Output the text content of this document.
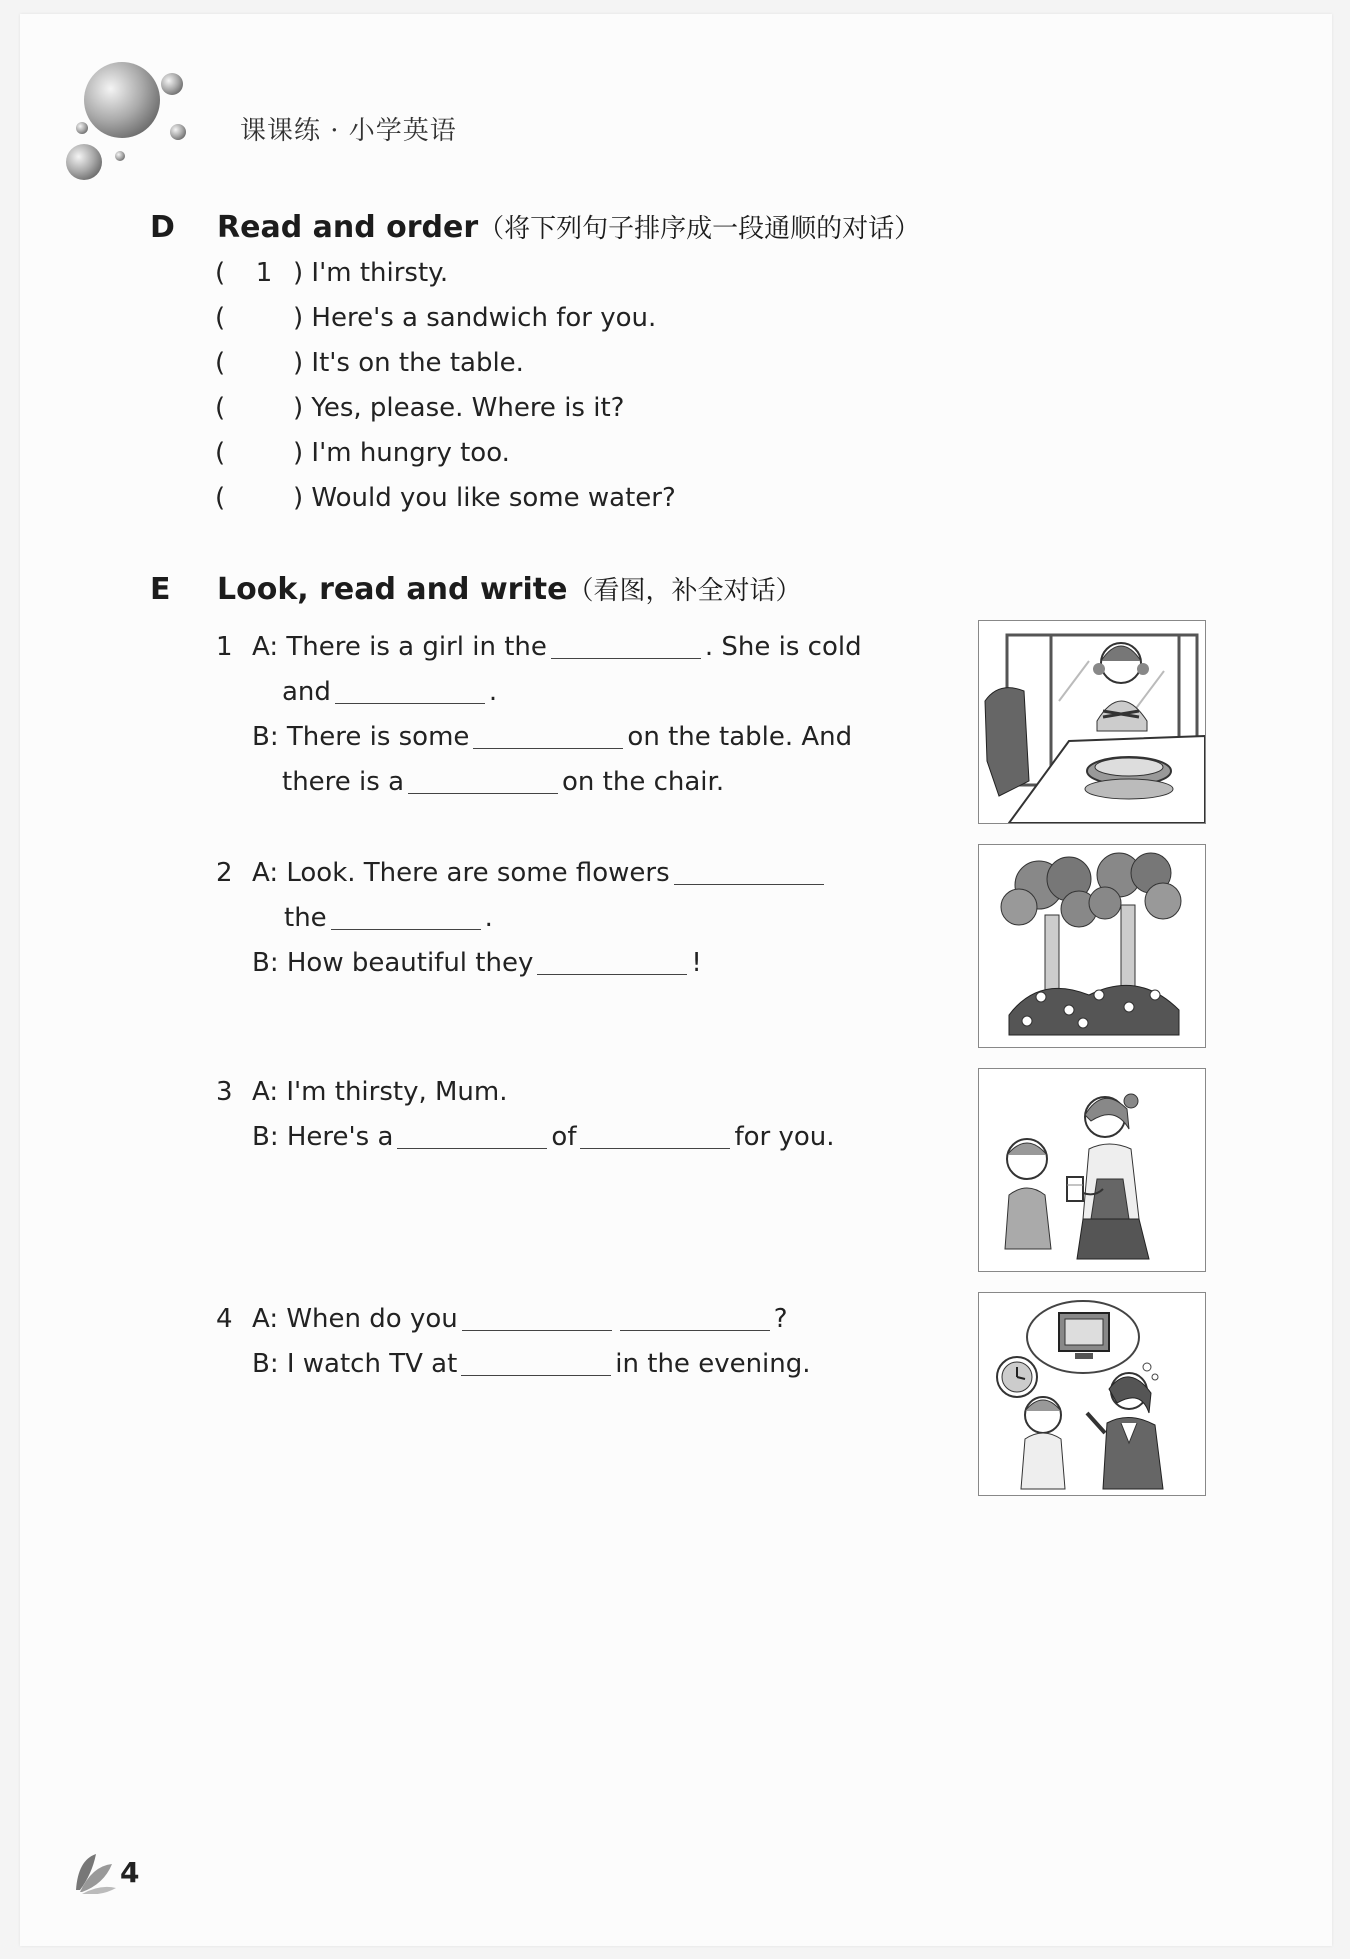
课课练 · 小学英语
D Read and order（将下列句子排序成一段通顺的对话）
( 1 ) I'm thirsty.
(	) Here's a sandwich for you.
(	) It's on the table.
(	) Yes, please. Where is it?
(	) I'm hungry too.
(	) Would you like some water?
E Look, read and write（看图，补全对话）
1 A: There is a girl in the	. She is cold
and	.
B: There is some	on the table. And
there is a	on the chair.
2 A: Look. There are some flowers
the	.
B: How beautiful they	!
3 A: I'm thirsty, Mum.
B: Here's a	of	for you.
4 A: When do you	?
B: I watch TV at	in the evening.
4
